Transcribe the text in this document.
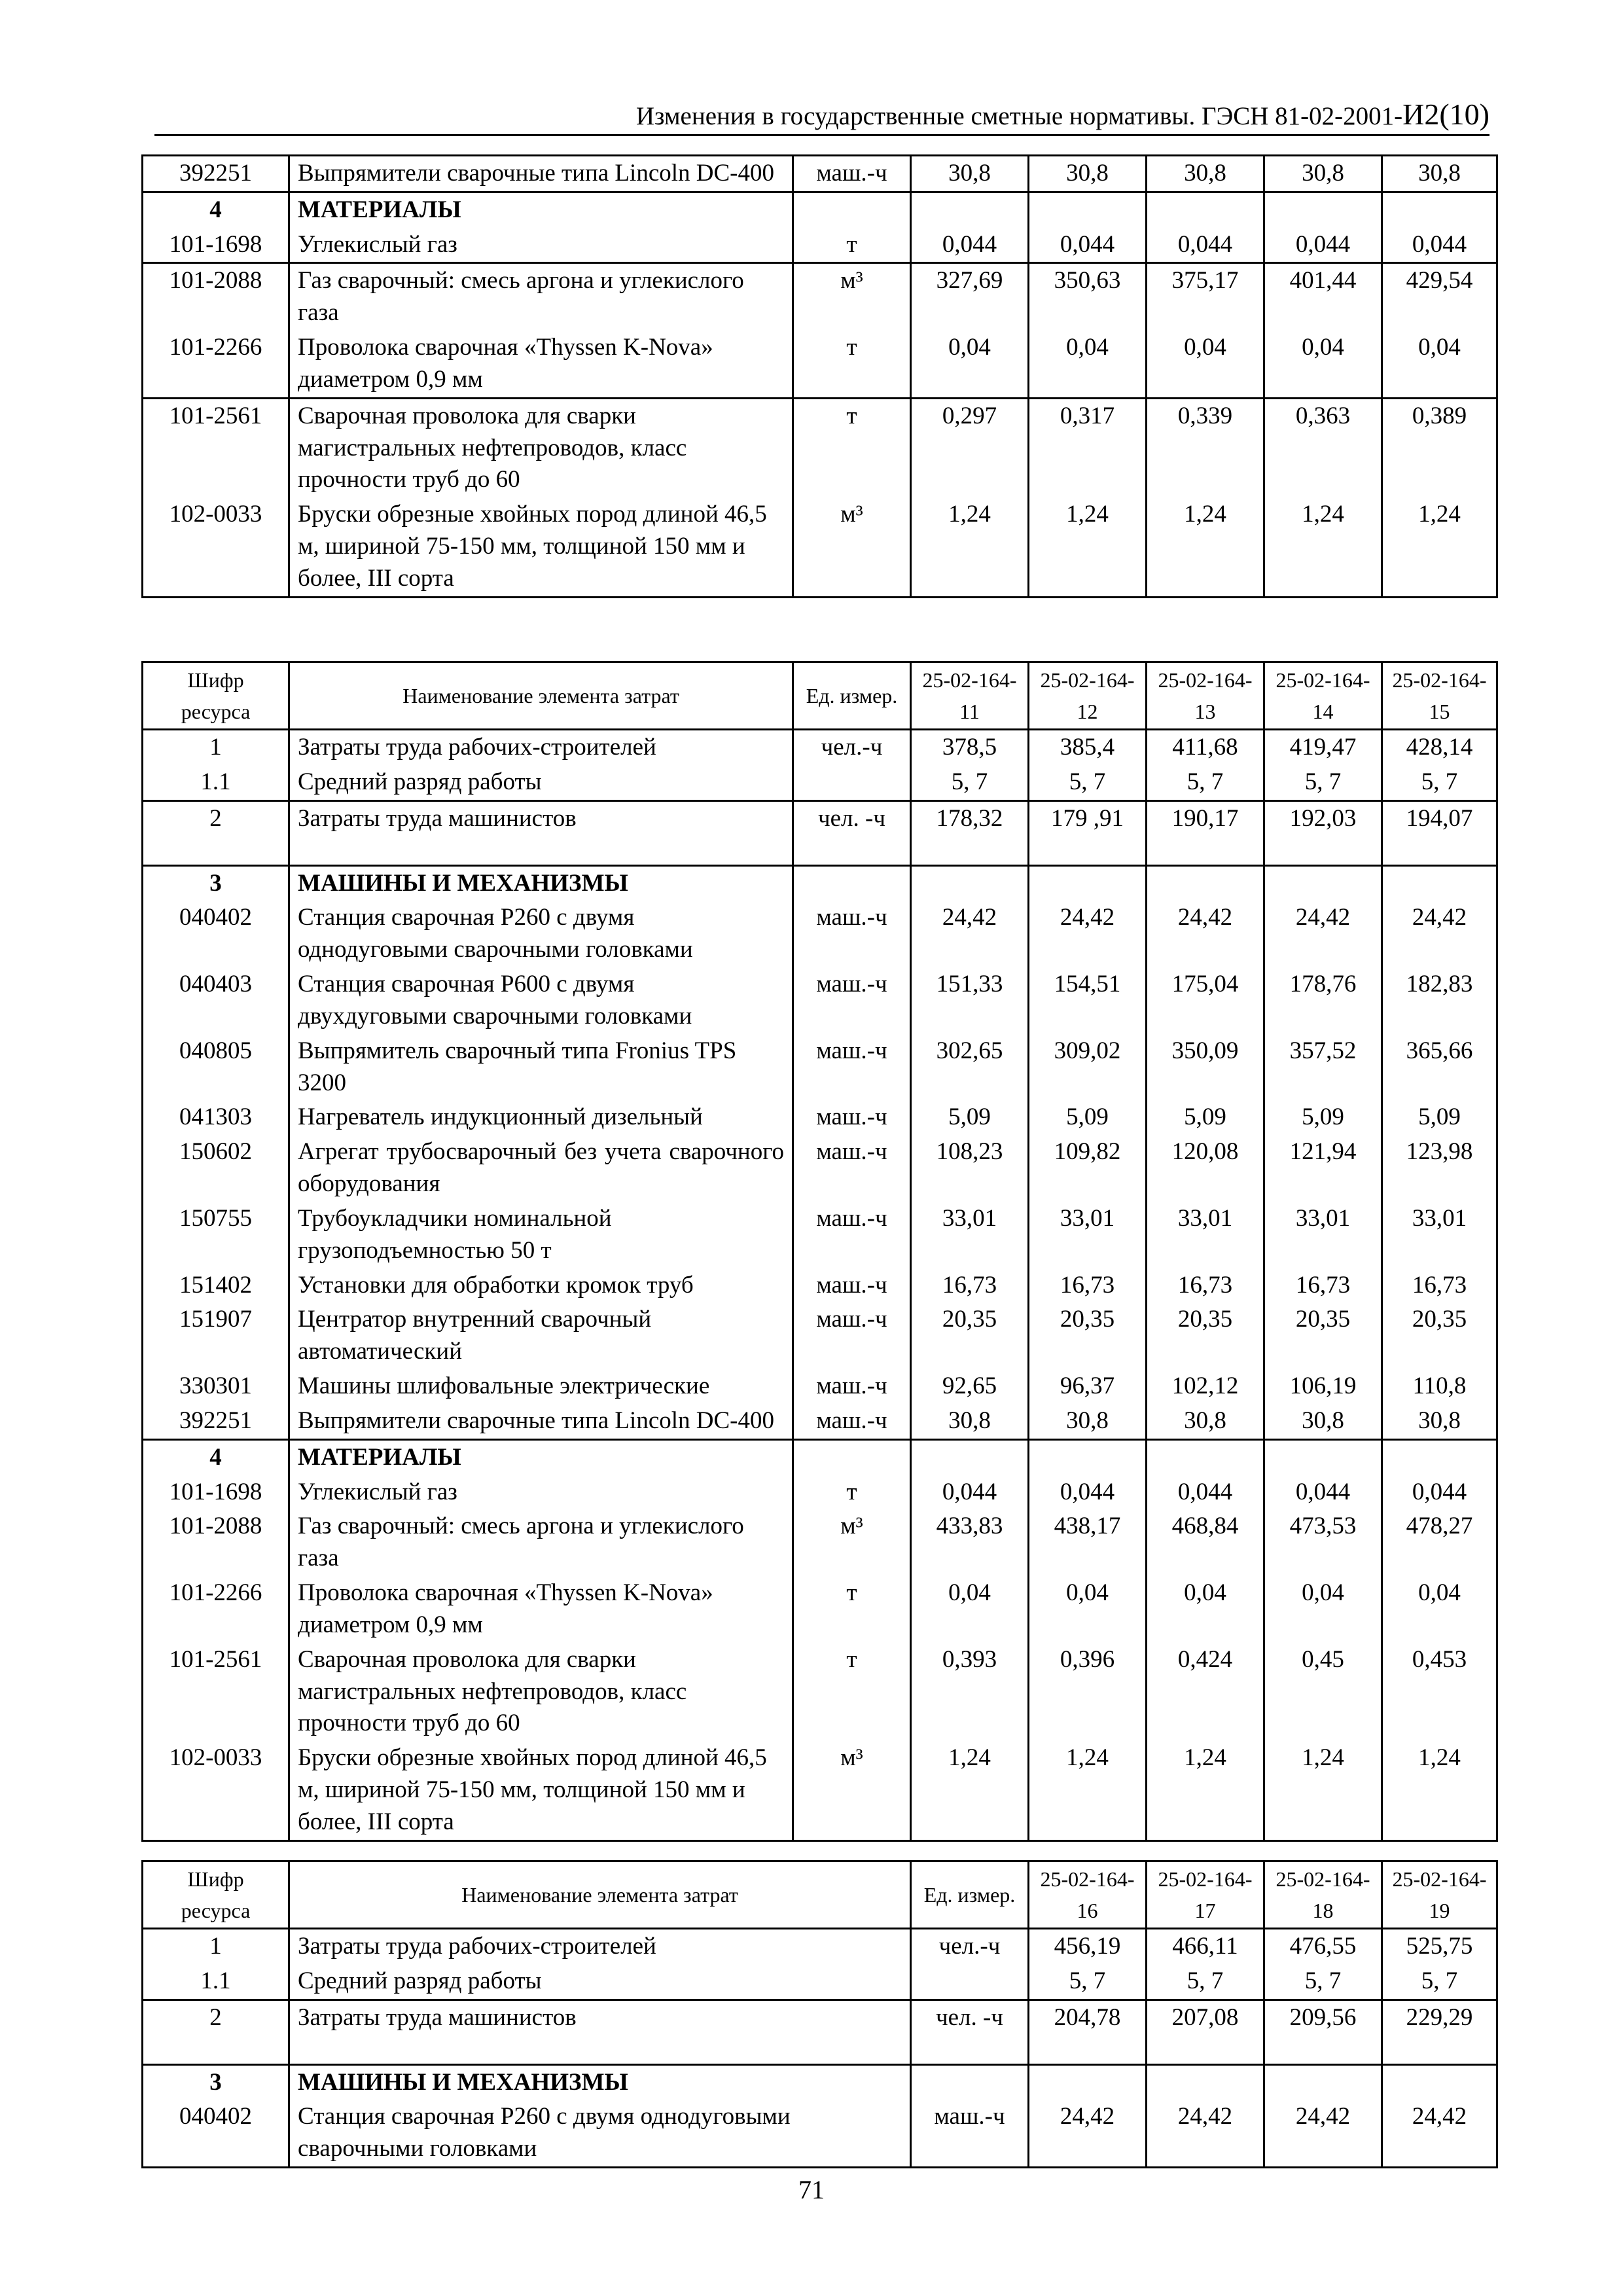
Изменения в государственные сметные нормативы. ГЭСН 81-02-2001-И2(10)
392251	Выпрямители сварочные типа Lincoln DC-400	маш.-ч	30,8	30,8	30,8	30,8	30,8
4	МАТЕРИАЛЫ						
101-1698	Углекислый газ	т	0,044	0,044	0,044	0,044	0,044
101-2088	Газ сварочный: смесь аргона и углекислого газа	м³	327,69	350,63	375,17	401,44	429,54
101-2266	Проволока сварочная «Thyssen K-Nova» диаметром 0,9 мм	т	0,04	0,04	0,04	0,04	0,04
101-2561	Сварочная проволока для сварки магистральных нефтепроводов, класс прочности труб до 60	т	0,297	0,317	0,339	0,363	0,389
102-0033	Бруски обрезные хвойных пород длиной 46,5 м, шириной 75-150 мм, толщиной 150 мм и более, III сорта	м³	1,24	1,24	1,24	1,24	1,24
Шифр ресурса	Наименование элемента затрат	Ед. измер.	25-02-164-11	25-02-164-12	25-02-164-13	25-02-164-14	25-02-164-15
1	Затраты труда рабочих-строителей	чел.-ч	378,5	385,4	411,68	419,47	428,14
1.1	Средний разряд работы		5, 7	5, 7	5, 7	5, 7	5, 7
2	Затраты труда машинистов	чел. -ч	178,32	179 ,91	190,17	192,03	194,07
3	МАШИНЫ И МЕХАНИЗМЫ						
040402	Станция сварочная P260 с двумя однодуговыми сварочными головками	маш.-ч	24,42	24,42	24,42	24,42	24,42
040403	Станция сварочная P600 с двумя двухдуговыми сварочными головками	маш.-ч	151,33	154,51	175,04	178,76	182,83
040805	Выпрямитель сварочный типа Fronius TPS 3200	маш.-ч	302,65	309,02	350,09	357,52	365,66
041303	Нагреватель индукционный дизельный	маш.-ч	5,09	5,09	5,09	5,09	5,09
150602	Агрегат трубосварочный без учета сварочного оборудования	маш.-ч	108,23	109,82	120,08	121,94	123,98
150755	Трубоукладчики номинальной грузоподъемностью 50 т	маш.-ч	33,01	33,01	33,01	33,01	33,01
151402	Установки для обработки кромок труб	маш.-ч	16,73	16,73	16,73	16,73	16,73
151907	Центратор внутренний сварочный автоматический	маш.-ч	20,35	20,35	20,35	20,35	20,35
330301	Машины шлифовальные электрические	маш.-ч	92,65	96,37	102,12	106,19	110,8
392251	Выпрямители сварочные типа Lincoln DC-400	маш.-ч	30,8	30,8	30,8	30,8	30,8
4	МАТЕРИАЛЫ						
101-1698	Углекислый газ	т	0,044	0,044	0,044	0,044	0,044
101-2088	Газ сварочный: смесь аргона и углекислого газа	м³	433,83	438,17	468,84	473,53	478,27
101-2266	Проволока сварочная «Thyssen K-Nova» диаметром 0,9 мм	т	0,04	0,04	0,04	0,04	0,04
101-2561	Сварочная проволока для сварки магистральных нефтепроводов, класс прочности труб до 60	т	0,393	0,396	0,424	0,45	0,453
102-0033	Бруски обрезные хвойных пород длиной 46,5 м, шириной 75-150 мм, толщиной 150 мм и более, III сорта	м³	1,24	1,24	1,24	1,24	1,24
Шифр ресурса	Наименование элемента затрат	Ед. измер.	25-02-164-16	25-02-164-17	25-02-164-18	25-02-164-19
1	Затраты труда рабочих-строителей	чел.-ч	456,19	466,11	476,55	525,75
1.1	Средний разряд работы		5, 7	5, 7	5, 7	5, 7
2	Затраты труда машинистов	чел. -ч	204,78	207,08	209,56	229,29
3	МАШИНЫ И МЕХАНИЗМЫ					
040402	Станция сварочная P260 с двумя однодуговыми сварочными головками	маш.-ч	24,42	24,42	24,42	24,42
71
